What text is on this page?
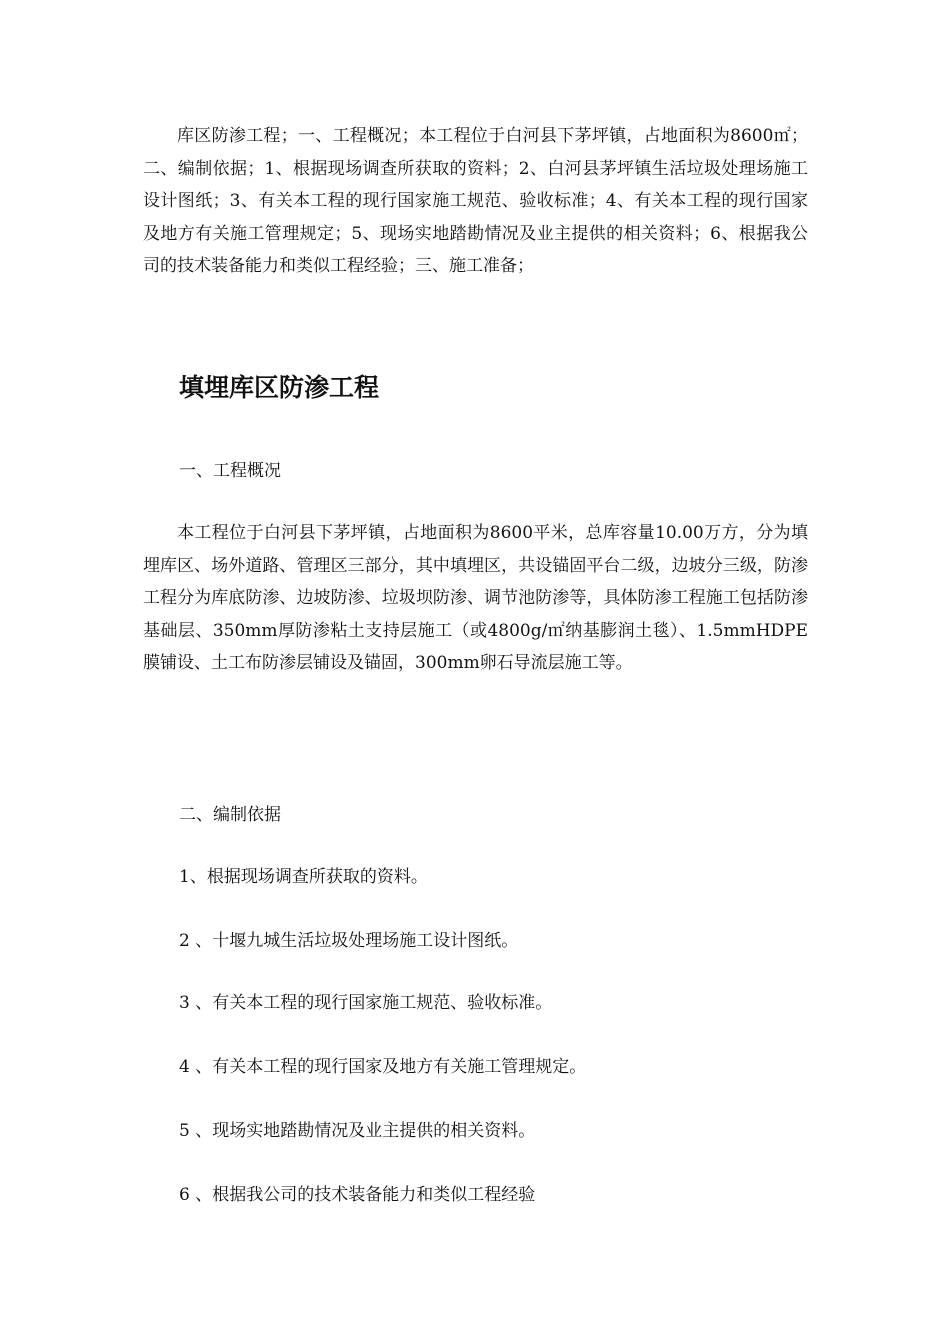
库区防渗工程；一、工程概况；本工程位于白河县下茅坪镇，占地面积为8600㎡；二、编制依据；1、根据现场调查所获取的资料；2、白河县茅坪镇生活垃圾处理场施工设计图纸；3、有关本工程的现行国家施工规范、验收标准；4、有关本工程的现行国家及地方有关施工管理规定；5、现场实地踏勘情况及业主提供的相关资料；6、根据我公司的技术装备能力和类似工程经验；三、施工准备；

填埋库区防渗工程

一、工程概况

本工程位于白河县下茅坪镇，占地面积为8600平米，总库容量10.00万方，分为填埋库区、场外道路、管理区三部分，其中填埋区，共设锚固平台二级，边坡分三级，防渗工程分为库底防渗、边坡防渗、垃圾坝防渗、调节池防渗等，具体防渗工程施工包括防渗基础层、350mm厚防渗粘土支持层施工（或4800g/㎡纳基膨润土毯）、1.5mmHDPE膜铺设、土工布防渗层铺设及锚固，300mm卵石导流层施工等。

二、编制依据

1、根据现场调查所获取的资料。

2 、十堰九城生活垃圾处理场施工设计图纸。

3 、有关本工程的现行国家施工规范、验收标准。

4 、有关本工程的现行国家及地方有关施工管理规定。

5 、现场实地踏勘情况及业主提供的相关资料。

6 、根据我公司的技术装备能力和类似工程经验
